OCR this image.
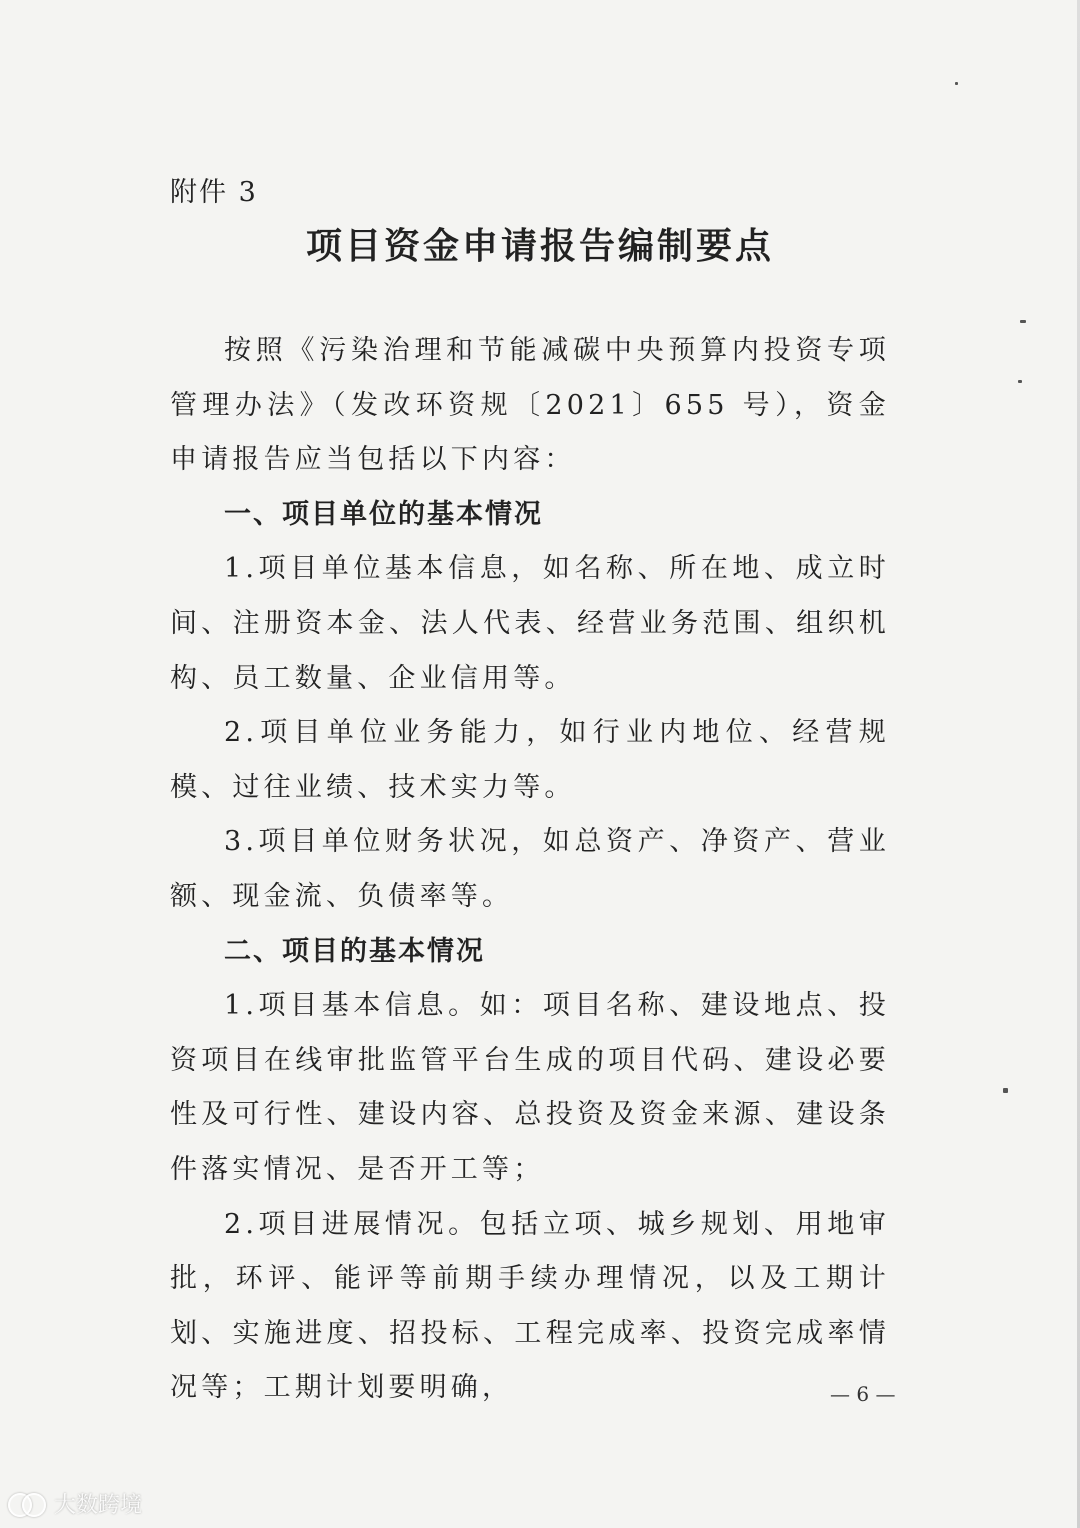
附件 3
项目资金申请报告编制要点

按照《污染治理和节能减碳中央预算内投资专项管理办法》（发改环资规〔2021〕655 号），资金申请报告应当包括以下内容：

一、项目单位的基本情况

1.项目单位基本信息，如名称、所在地、成立时间、注册资本金、法人代表、经营业务范围、组织机构、员工数量、企业信用等。

2.项目单位业务能力，如行业内地位、经营规模、过往业绩、技术实力等。

3.项目单位财务状况，如总资产、净资产、营业额、现金流、负债率等。

二、项目的基本情况

1.项目基本信息。如：项目名称、建设地点、投资项目在线审批监管平台生成的项目代码、建设必要性及可行性、建设内容、总投资及资金来源、建设条件落实情况、是否开工等；

2.项目进展情况。包括立项、城乡规划、用地审批，环评、能评等前期手续办理情况，以及工期计划、实施进度、招投标、工程完成率、投资完成率情况等；工期计划要明确，	— 6 —
大数跨境
